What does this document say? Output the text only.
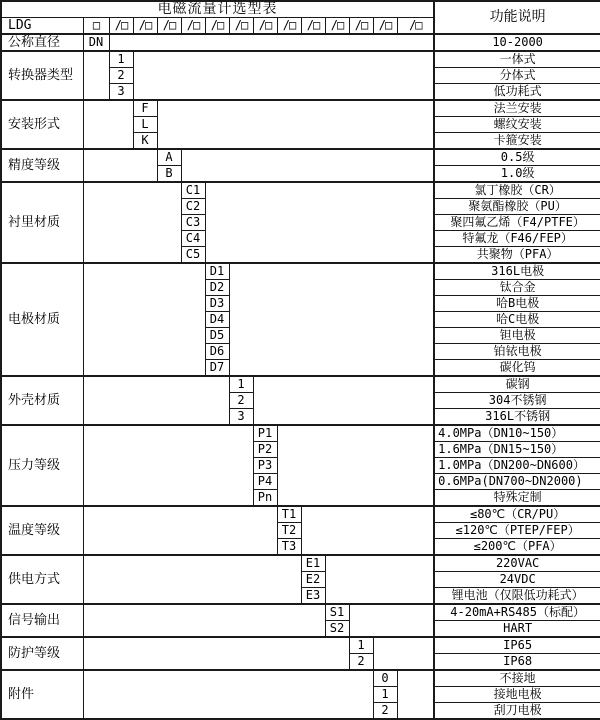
电磁流量计选型表															功能说明
LDG	□	/□	/□	/□	/□	/□	/□	/□	/□	/□	/□	/□	/□	/□	
公称直径	DN														10-2000
转换器类型		1													一体式
		2													分体式
		3													低功耗式
安装形式			F												法兰安装
			L												螺纹安装
			K												卡箍安装
精度等级				A											0.5级
				B											1.0级
衬里材质					C1										氯丁橡胶（CR）
					C2										聚氨酯橡胶（PU）
					C3										聚四氟乙烯（F4/PTFE）
					C4										特氟龙（F46/FEP）
					C5										共聚物（PFA）
电极材质						D1									316L电极
						D2									钛合金
						D3									哈B电极
						D4									哈C电极
						D5									钽电极
						D6									铂铱电极
						D7									碳化钨
外壳材质							1								碳钢
							2								304不锈钢
							3								316L不锈钢
压力等级								P1							4.0MPa（DN10~150）
								P2							1.6MPa（DN15~150）
								P3							1.0MPa（DN200~DN600）
								P4							0.6MPa(DN700~DN2000)
								Pn							特殊定制
温度等级									T1						≤80℃（CR/PU）
									T2						≤120℃（PTEP/FEP）
									T3						≤200℃（PFA）
供电方式										E1					220VAC
										E2					24VDC
										E3					锂电池（仅限低功耗式）
信号输出											S1				4-20mA+RS485（标配）
											S2				HART
防护等级												1			IP65
												2			IP68
附件													0		不接地
													1		接地电极
													2		刮刀电极
